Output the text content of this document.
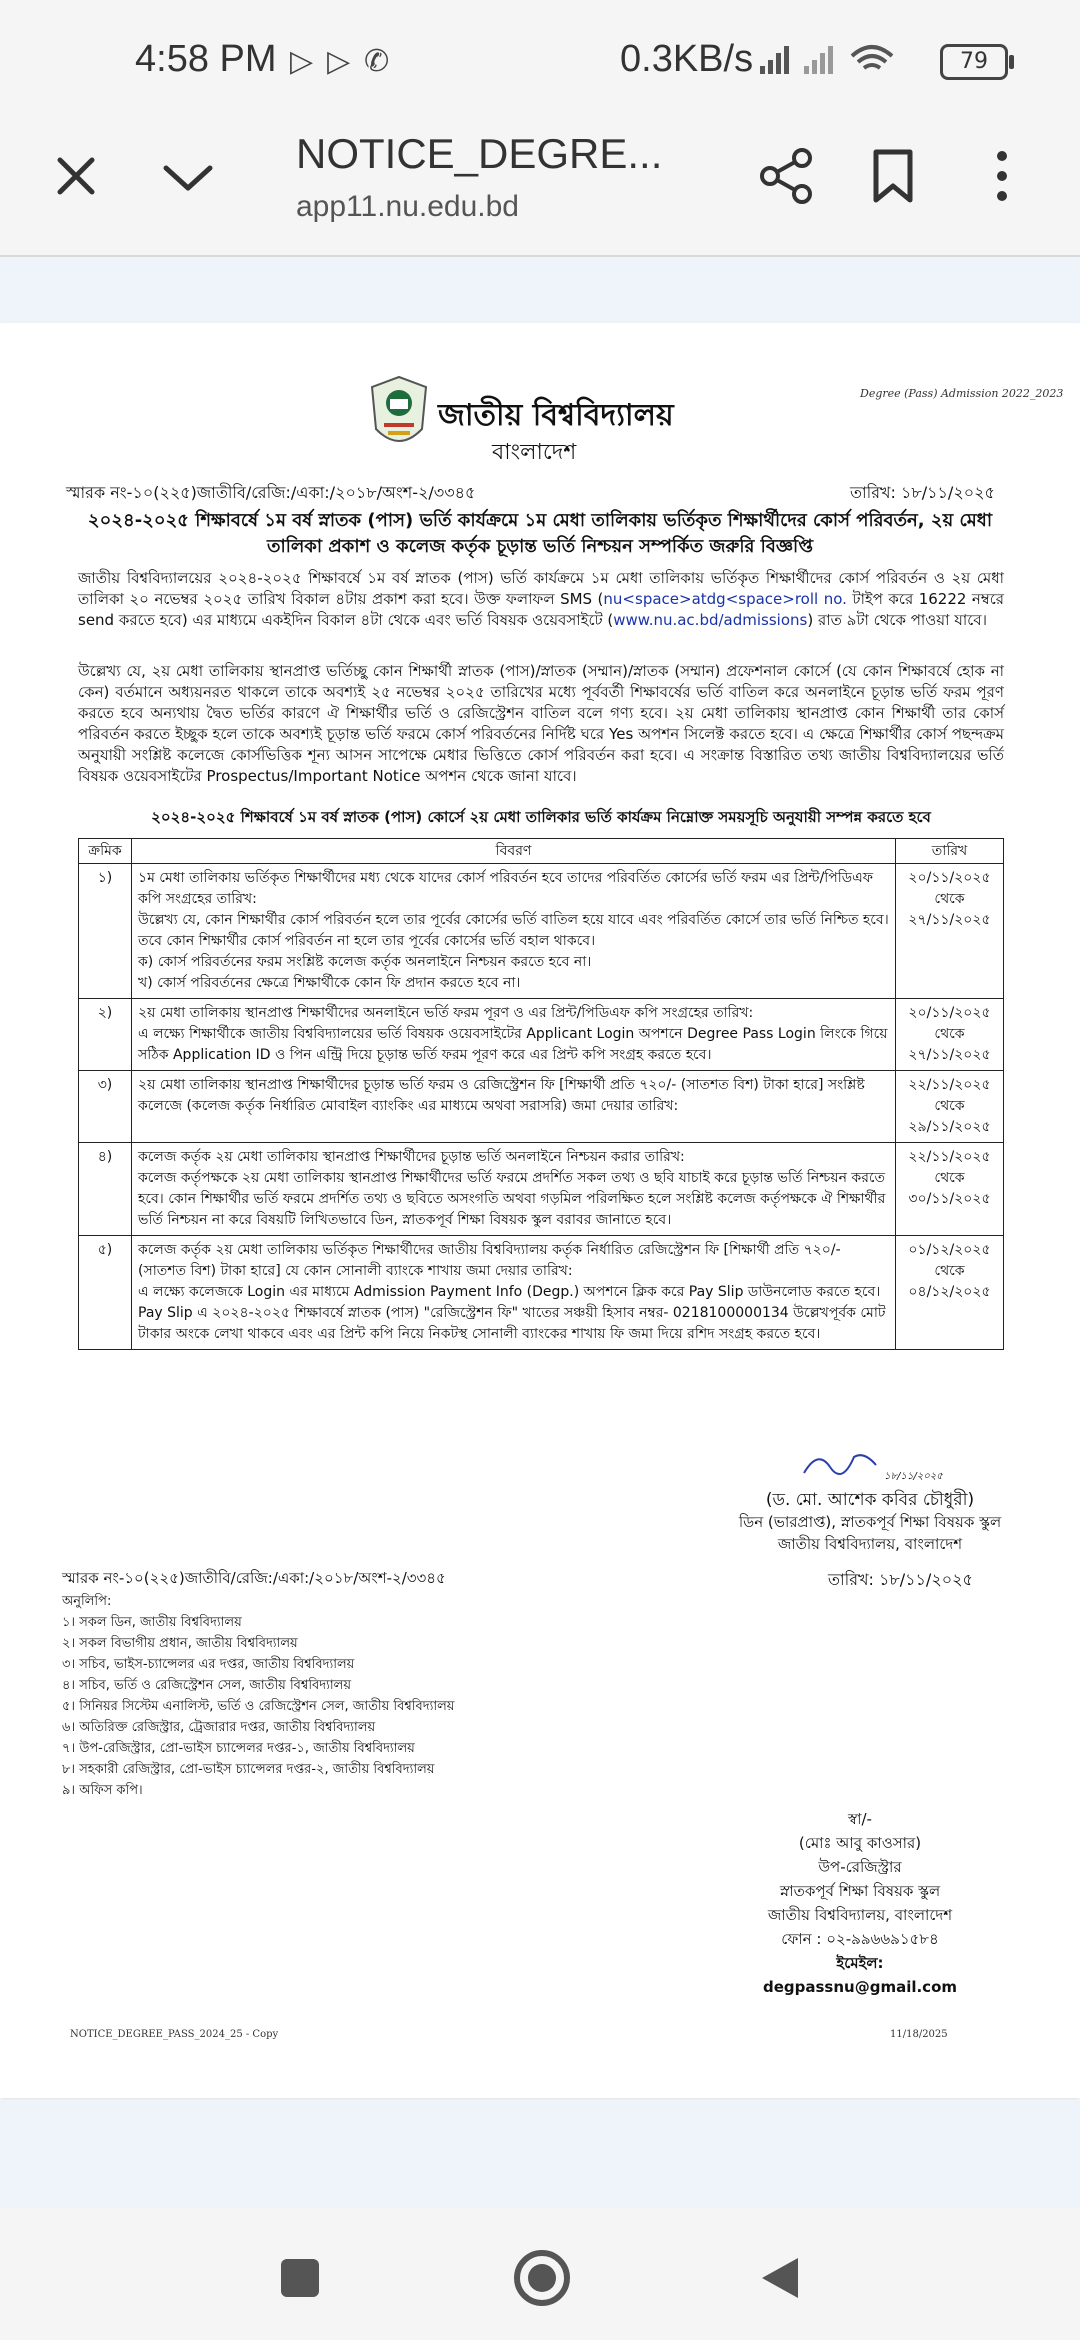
4:58 PM ▷▷✆	0.3KB/s	79
NOTICE_DEGRE...
app11.nu.edu.bd
Degree (Pass) Admission 2022_2023
জাতীয় বিশ্ববিদ্যালয়
বাংলাদেশ
স্মারক নং-১০(২২৫)জাতীবি/রেজি:/একা:/২০১৮/অংশ-২/৩৩৪৫	তারিখ: ১৮/১১/২০২৫
২০২৪-২০২৫ শিক্ষাবর্ষে ১ম বর্ষ স্নাতক (পাস) ভর্তি কার্যক্রমে ১ম মেধা তালিকায় ভর্তিকৃত শিক্ষার্থীদের কোর্স পরিবর্তন, ২য় মেধা তালিকা প্রকাশ ও কলেজ কর্তৃক চূড়ান্ত ভর্তি নিশ্চয়ন সম্পর্কিত জরুরি বিজ্ঞপ্তি
জাতীয় বিশ্ববিদ্যালয়ের ২০২৪-২০২৫ শিক্ষাবর্ষে ১ম বর্ষ স্নাতক (পাস) ভর্তি কার্যক্রমে ১ম মেধা তালিকায় ভর্তিকৃত শিক্ষার্থীদের কোর্স পরিবর্তন ও ২য় মেধা তালিকা ২০ নভেম্বর ২০২৫ তারিখ বিকাল ৪টায় প্রকাশ করা হবে। উক্ত ফলাফল SMS (nu<space>atdg<space>roll no. টাইপ করে 16222 নম্বরে send করতে হবে) এর মাধ্যমে একইদিন বিকাল ৪টা থেকে এবং ভর্তি বিষয়ক ওয়েবসাইটে (www.nu.ac.bd/admissions) রাত ৯টা থেকে পাওয়া যাবে।
উল্লেখ্য যে, ২য় মেধা তালিকায় স্থানপ্রাপ্ত ভর্তিচ্ছু কোন শিক্ষার্থী স্নাতক (পাস)/স্নাতক (সম্মান)/স্নাতক (সম্মান) প্রফেশনাল কোর্সে (যে কোন শিক্ষাবর্ষে হোক না কেন) বর্তমানে অধ্যয়নরত থাকলে তাকে অবশ্যই ২৫ নভেম্বর ২০২৫ তারিখের মধ্যে পূর্ববর্তী শিক্ষাবর্ষের ভর্তি বাতিল করে অনলাইনে চূড়ান্ত ভর্তি ফরম পূরণ করতে হবে অন্যথায় দ্বৈত ভর্তির কারণে ঐ শিক্ষার্থীর ভর্তি ও রেজিস্ট্রেশন বাতিল বলে গণ্য হবে। ২য় মেধা তালিকায় স্থানপ্রাপ্ত কোন শিক্ষার্থী তার কোর্স পরিবর্তন করতে ইচ্ছুক হলে তাকে অবশ্যই চূড়ান্ত ভর্তি ফরমে কোর্স পরিবর্তনের নির্দিষ্ট ঘরে Yes অপশন সিলেক্ট করতে হবে। এ ক্ষেত্রে শিক্ষার্থীর কোর্স পছন্দক্রম অনুযায়ী সংশ্লিষ্ট কলেজে কোর্সভিত্তিক শূন্য আসন সাপেক্ষে মেধার ভিত্তিতে কোর্স পরিবর্তন করা হবে। এ সংক্রান্ত বিস্তারিত তথ্য জাতীয় বিশ্ববিদ্যালয়ের ভর্তি বিষয়ক ওয়েবসাইটের Prospectus/Important Notice অপশন থেকে জানা যাবে।
২০২৪-২০২৫ শিক্ষাবর্ষে ১ম বর্ষ স্নাতক (পাস) কোর্সে ২য় মেধা তালিকার ভর্তি কার্যক্রম নিম্নোক্ত সময়সূচি অনুযায়ী সম্পন্ন করতে হবে
ক্রমিক	বিবরণ	তারিখ
১)	১ম মেধা তালিকায় ভর্তিকৃত শিক্ষার্থীদের মধ্য থেকে যাদের কোর্স পরিবর্তন হবে তাদের পরিবর্তিত কোর্সের ভর্তি ফরম এর প্রিন্ট/পিডিএফ কপি সংগ্রহের তারিখ:
উল্লেখ্য যে, কোন শিক্ষার্থীর কোর্স পরিবর্তন হলে তার পূর্বের কোর্সের ভর্তি বাতিল হয়ে যাবে এবং পরিবর্তিত কোর্সে তার ভর্তি নিশ্চিত হবে। তবে কোন শিক্ষার্থীর কোর্স পরিবর্তন না হলে তার পূর্বের কোর্সের ভর্তি বহাল থাকবে।
ক) কোর্স পরিবর্তনের ফরম সংশ্লিষ্ট কলেজ কর্তৃক অনলাইনে নিশ্চয়ন করতে হবে না।
খ) কোর্স পরিবর্তনের ক্ষেত্রে শিক্ষার্থীকে কোন ফি প্রদান করতে হবে না।	২০/১১/২০২৫ থেকে ২৭/১১/২০২৫
২)	২য় মেধা তালিকায় স্থানপ্রাপ্ত শিক্ষার্থীদের অনলাইনে ভর্তি ফরম পূরণ ও এর প্রিন্ট/পিডিএফ কপি সংগ্রহের তারিখ:
এ লক্ষ্যে শিক্ষার্থীকে জাতীয় বিশ্ববিদ্যালয়ের ভর্তি বিষয়ক ওয়েবসাইটের Applicant Login অপশনে Degree Pass Login লিংকে গিয়ে সঠিক Application ID ও পিন এন্ট্রি দিয়ে চূড়ান্ত ভর্তি ফরম পূরণ করে এর প্রিন্ট কপি সংগ্রহ করতে হবে।	২০/১১/২০২৫ থেকে ২৭/১১/২০২৫
৩)	২য় মেধা তালিকায় স্থানপ্রাপ্ত শিক্ষার্থীদের চূড়ান্ত ভর্তি ফরম ও রেজিস্ট্রেশন ফি [শিক্ষার্থী প্রতি ৭২০/- (সাতশত বিশ) টাকা হারে] সংশ্লিষ্ট কলেজে (কলেজ কর্তৃক নির্ধারিত মোবাইল ব্যাংকিং এর মাধ্যমে অথবা সরাসরি) জমা দেয়ার তারিখ:	২২/১১/২০২৫ থেকে ২৯/১১/২০২৫
৪)	কলেজ কর্তৃক ২য় মেধা তালিকায় স্থানপ্রাপ্ত শিক্ষার্থীদের চূড়ান্ত ভর্তি অনলাইনে নিশ্চয়ন করার তারিখ:
কলেজ কর্তৃপক্ষকে ২য় মেধা তালিকায় স্থানপ্রাপ্ত শিক্ষার্থীদের ভর্তি ফরমে প্রদর্শিত সকল তথ্য ও ছবি যাচাই করে চূড়ান্ত ভর্তি নিশ্চয়ন করতে হবে। কোন শিক্ষার্থীর ভর্তি ফরমে প্রদর্শিত তথ্য ও ছবিতে অসংগতি অথবা গড়মিল পরিলক্ষিত হলে সংশ্লিষ্ট কলেজ কর্তৃপক্ষকে ঐ শিক্ষার্থীর ভর্তি নিশ্চয়ন না করে বিষয়টি লিখিতভাবে ডিন, স্নাতকপূর্ব শিক্ষা বিষয়ক স্কুল বরাবর জানাতে হবে।	২২/১১/২০২৫ থেকে ৩০/১১/২০২৫
৫)	কলেজ কর্তৃক ২য় মেধা তালিকায় ভর্তিকৃত শিক্ষার্থীদের জাতীয় বিশ্ববিদ্যালয় কর্তৃক নির্ধারিত রেজিস্ট্রেশন ফি [শিক্ষার্থী প্রতি ৭২০/- (সাতশত বিশ) টাকা হারে] যে কোন সোনালী ব্যাংকে শাখায় জমা দেয়ার তারিখ:
এ লক্ষ্যে কলেজকে Login এর মাধ্যমে Admission Payment Info (Degp.) অপশনে ক্লিক করে Pay Slip ডাউনলোড করতে হবে। Pay Slip এ ২০২৪-২০২৫ শিক্ষাবর্ষে স্নাতক (পাস) "রেজিস্ট্রেশন ফি" খাতের সঞ্চয়ী হিসাব নম্বর- 0218100000134 উল্লেখপূর্বক মোট টাকার অংকে লেখা থাকবে এবং এর প্রিন্ট কপি নিয়ে নিকটস্থ সোনালী ব্যাংকের শাখায় ফি জমা দিয়ে রশিদ সংগ্রহ করতে হবে।	০১/১২/২০২৫ থেকে ০৪/১২/২০২৫
১৮/১১/২০২৫
(ড. মো. আশেক কবির চৌধুরী)
ডিন (ভারপ্রাপ্ত), স্নাতকপূর্ব শিক্ষা বিষয়ক স্কুল
জাতীয় বিশ্ববিদ্যালয়, বাংলাদেশ
স্মারক নং-১০(২২৫)জাতীবি/রেজি:/একা:/২০১৮/অংশ-২/৩৩৪৫	তারিখ: ১৮/১১/২০২৫
অনুলিপি:
১। সকল ডিন, জাতীয় বিশ্ববিদ্যালয়
২। সকল বিভাগীয় প্রধান, জাতীয় বিশ্ববিদ্যালয়
৩। সচিব, ভাইস-চ্যান্সেলর এর দপ্তর, জাতীয় বিশ্ববিদ্যালয়
৪। সচিব, ভর্তি ও রেজিস্ট্রেশন সেল, জাতীয় বিশ্ববিদ্যালয়
৫। সিনিয়র সিস্টেম এনালিস্ট, ভর্তি ও রেজিস্ট্রেশন সেল, জাতীয় বিশ্ববিদ্যালয়
৬। অতিরিক্ত রেজিস্ট্রার, ট্রেজারার দপ্তর, জাতীয় বিশ্ববিদ্যালয়
৭। উপ-রেজিস্ট্রার, প্রো-ভাইস চ্যান্সেলর দপ্তর-১, জাতীয় বিশ্ববিদ্যালয়
৮। সহকারী রেজিস্ট্রার, প্রো-ভাইস চ্যান্সেলর দপ্তর-২, জাতীয় বিশ্ববিদ্যালয়
৯। অফিস কপি।
স্বা/-
(মোঃ আবু কাওসার)
উপ-রেজিস্ট্রার
স্নাতকপূর্ব শিক্ষা বিষয়ক স্কুল
জাতীয় বিশ্ববিদ্যালয়, বাংলাদেশ
ফোন : ০২-৯৯৬৬৯১৫৮৪
ইমেইল: degpassnu@gmail.com
NOTICE_DEGREE_PASS_2024_25 - Copy	11/18/2025
